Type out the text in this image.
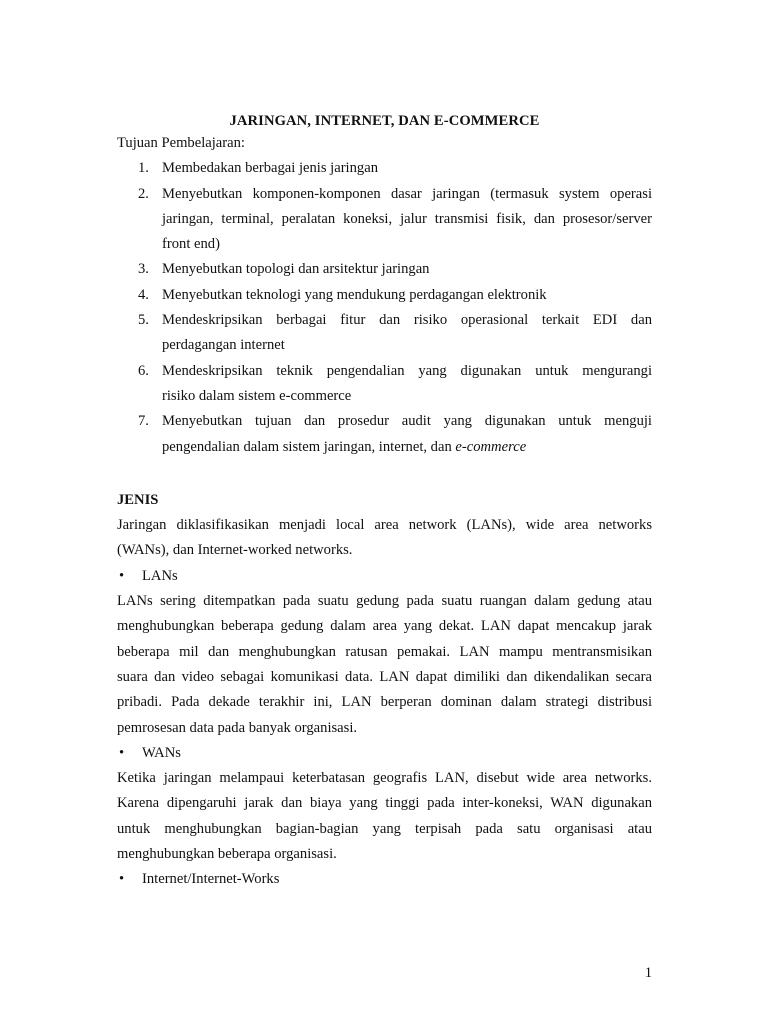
JARINGAN, INTERNET, DAN E-COMMERCE

Tujuan Pembelajaran:

1. Membedakan berbagai jenis jaringan
2. Menyebutkan komponen-komponen dasar jaringan (termasuk system operasi
jaringan, terminal, peralatan koneksi, jalur transmisi fisik, dan prosesor/server
front end)
3. Menyebutkan topologi dan arsitektur jaringan
4. Menyebutkan teknologi yang mendukung perdagangan elektronik
5. Mendeskripsikan berbagai fitur dan risiko operasional terkait EDI dan
perdagangan internet
6. Mendeskripsikan teknik pengendalian yang digunakan untuk mengurangi
risiko dalam sistem e-commerce
7. Menyebutkan tujuan dan prosedur audit yang digunakan untuk menguji
pengendalian dalam sistem jaringan, internet, dan e-commerce

JENIS

Jaringan diklasifikasikan menjadi local area network (LANs), wide area networks
(WANs), dan Internet-worked networks.

• LANs

LANs sering ditempatkan pada suatu gedung pada suatu ruangan dalam gedung atau
menghubungkan beberapa gedung dalam area yang dekat. LAN dapat mencakup jarak
beberapa mil dan menghubungkan ratusan pemakai. LAN mampu mentransmisikan
suara dan video sebagai komunikasi data. LAN dapat dimiliki dan dikendalikan secara
pribadi. Pada dekade terakhir ini, LAN berperan dominan dalam strategi distribusi
pemrosesan data pada banyak organisasi.

• WANs

Ketika jaringan melampaui keterbatasan geografis LAN, disebut wide area networks.
Karena dipengaruhi jarak dan biaya yang tinggi pada inter-koneksi, WAN digunakan
untuk menghubungkan bagian-bagian yang terpisah pada satu organisasi atau
menghubungkan beberapa organisasi.

• Internet/Internet-Works

1
